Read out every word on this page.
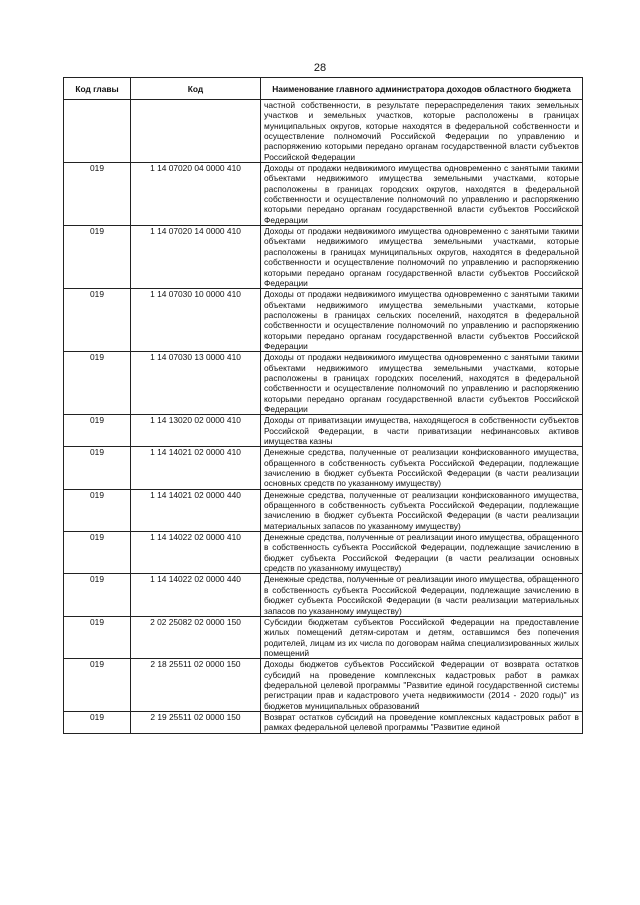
28
Код главы	Код	Наименование главного администратора доходов областного бюджета
		частной собственности, в результате перераспределения таких земельных участков и земельных участков, которые расположены в границах муниципальных округов, которые находятся в федеральной собственности и осуществление полномочий Российской Федерации по управлению и распоряжению которыми передано органам государственной власти субъектов Российской Федерации
019	1 14 07020 04 0000 410	Доходы от продажи недвижимого имущества одновременно с занятыми такими объектами недвижимого имущества земельными участками, которые расположены в границах городских округов, находятся в федеральной собственности и осуществление полномочий по управлению и распоряжению которыми передано органам государственной власти субъектов Российской Федерации
019	1 14 07020 14 0000 410	Доходы от продажи недвижимого имущества одновременно с занятыми такими объектами недвижимого имущества земельными участками, которые расположены в границах муниципальных округов, находятся в федеральной собственности и осуществление полномочий по управлению и распоряжению которыми передано органам государственной власти субъектов Российской Федерации
019	1 14 07030 10 0000 410	Доходы от продажи недвижимого имущества одновременно с занятыми такими объектами недвижимого имущества земельными участками, которые расположены в границах сельских поселений, находятся в федеральной собственности и осуществление полномочий по управлению и распоряжению которыми передано органам государственной власти субъектов Российской Федерации
019	1 14 07030 13 0000 410	Доходы от продажи недвижимого имущества одновременно с занятыми такими объектами недвижимого имущества земельными участками, которые расположены в границах городских поселений, находятся в федеральной собственности и осуществление полномочий по управлению и распоряжению которыми передано органам государственной власти субъектов Российской Федерации
019	1 14 13020 02 0000 410	Доходы от приватизации имущества, находящегося в собственности субъектов Российской Федерации, в части приватизации нефинансовых активов имущества казны
019	1 14 14021 02 0000 410	Денежные средства, полученные от реализации конфискованного имущества, обращенного в собственность субъекта Российской Федерации, подлежащие зачислению в бюджет субъекта Российской Федерации (в части реализации основных средств по указанному имуществу)
019	1 14 14021 02 0000 440	Денежные средства, полученные от реализации конфискованного имущества, обращенного в собственность субъекта Российской Федерации, подлежащие зачислению в бюджет субъекта Российской Федерации (в части реализации материальных запасов по указанному имуществу)
019	1 14 14022 02 0000 410	Денежные средства, полученные от реализации иного имущества, обращенного в собственность субъекта Российской Федерации, подлежащие зачислению в бюджет субъекта Российской Федерации (в части реализации основных средств по указанному имуществу)
019	1 14 14022 02 0000 440	Денежные средства, полученные от реализации иного имущества, обращенного в собственность субъекта Российской Федерации, подлежащие зачислению в бюджет субъекта Российской Федерации (в части реализации материальных запасов по указанному имуществу)
019	2 02 25082 02 0000 150	Субсидии бюджетам субъектов Российской Федерации на предоставление жилых помещений детям-сиротам и детям, оставшимся без попечения родителей, лицам из их числа по договорам найма специализированных жилых помещений
019	2 18 25511 02 0000 150	Доходы бюджетов субъектов Российской Федерации от возврата остатков субсидий на проведение комплексных кадастровых работ в рамках федеральной целевой программы "Развитие единой государственной системы регистрации прав и кадастрового учета недвижимости (2014 - 2020 годы)" из бюджетов муниципальных образований
019	2 19 25511 02 0000 150	Возврат остатков субсидий на проведение комплексных кадастровых работ в рамках федеральной целевой программы "Развитие единой
